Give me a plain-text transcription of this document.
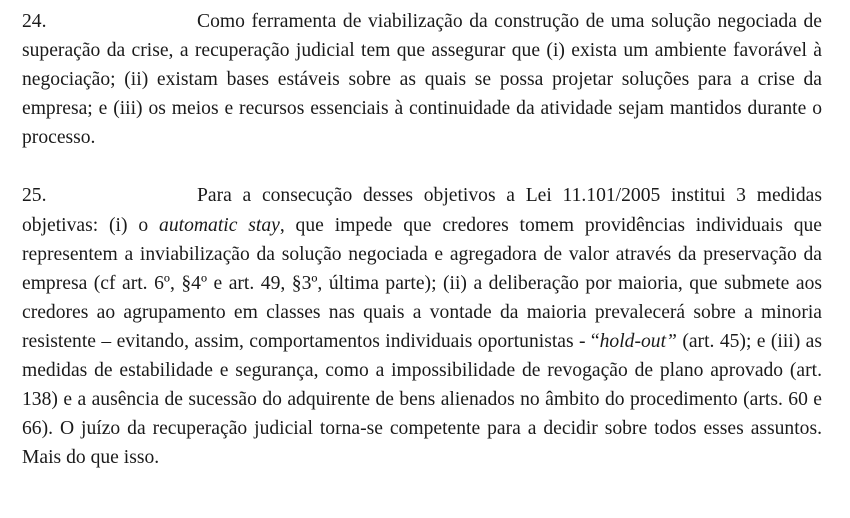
24.	Como ferramenta de viabilização da construção de uma solução negociada de superação da crise, a recuperação judicial tem que assegurar que (i) exista um ambiente favorável à negociação; (ii) existam bases estáveis sobre as quais se possa projetar soluções para a crise da empresa; e (iii) os meios e recursos essenciais à continuidade da atividade sejam mantidos durante o processo.

25.	Para a consecução desses objetivos a Lei 11.101/2005 institui 3 medidas objetivas: (i) o automatic stay, que impede que credores tomem providências individuais que representem a inviabilização da solução negociada e agregadora de valor através da preservação da empresa (cf art. 6º, §4º e art. 49, §3º, última parte); (ii) a deliberação por maioria, que submete aos credores ao agrupamento em classes nas quais a vontade da maioria prevalecerá sobre a minoria resistente – evitando, assim, comportamentos individuais oportunistas - “hold-out” (art. 45); e (iii) as medidas de estabilidade e segurança, como a impossibilidade de revogação de plano aprovado (art. 138) e a ausência de sucessão do adquirente de bens alienados no âmbito do procedimento (arts. 60 e 66). O juízo da recuperação judicial torna-se competente para a decidir sobre todos esses assuntos. Mais do que isso.
